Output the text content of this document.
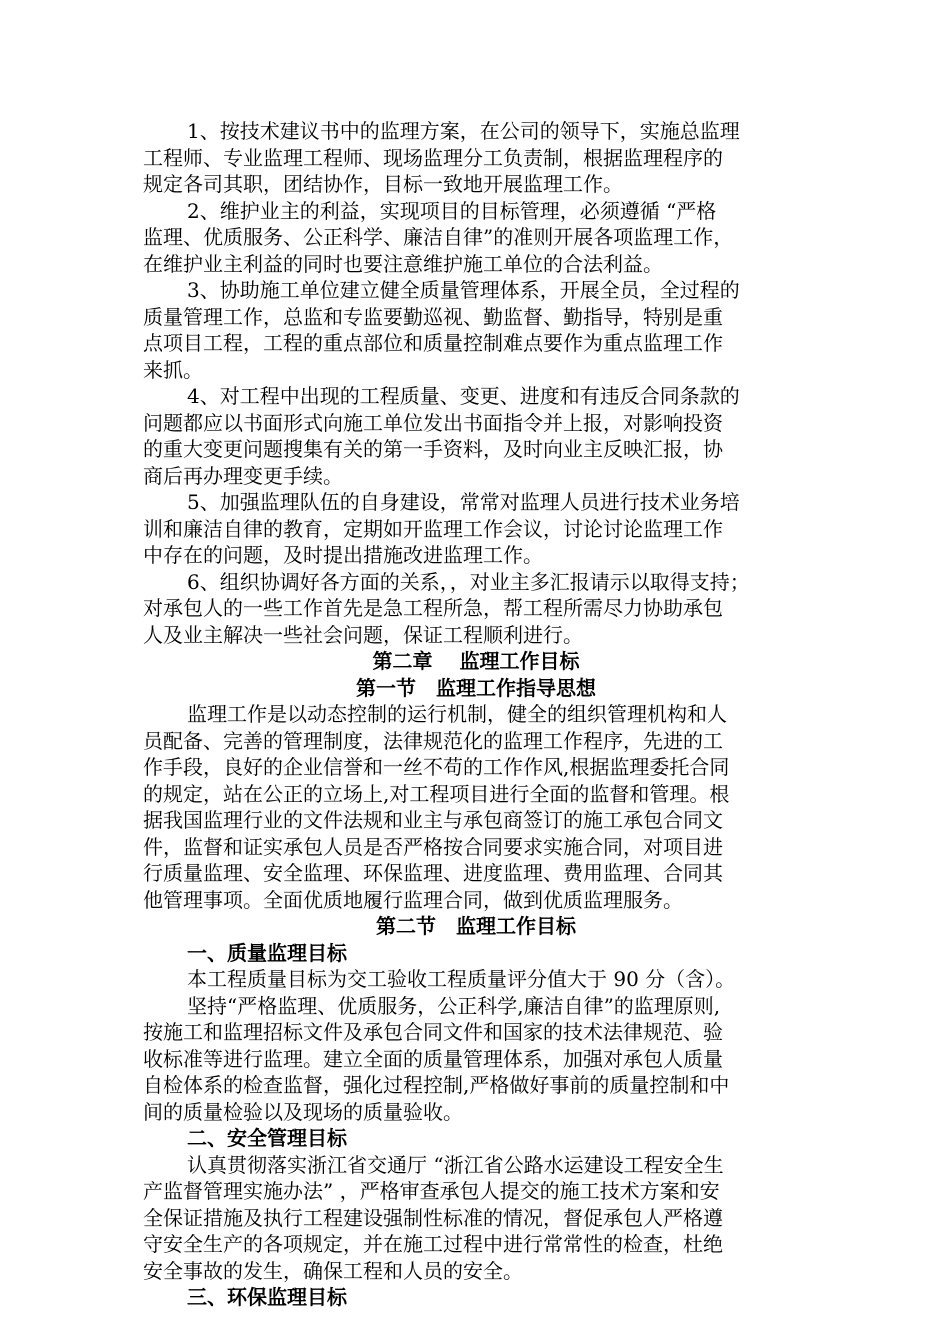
1、按技术建议书中的监理方案，在公司的领导下，实施总监理
工程师、专业监理工程师、现场监理分工负责制，根据监理程序的
规定各司其职，团结协作，目标一致地开展监理工作。
2、维护业主的利益，实现项目的目标管理，必须遵循 “严格
监理、优质服务、公正科学、廉洁自律”的准则开展各项监理工作，
在维护业主利益的同时也要注意维护施工单位的合法利益。
3、协助施工单位建立健全质量管理体系，开展全员，全过程的
质量管理工作，总监和专监要勤巡视、勤监督、勤指导，特别是重
点项目工程，工程的重点部位和质量控制难点要作为重点监理工作
来抓。
4、对工程中出现的工程质量、变更、进度和有违反合同条款的
问题都应以书面形式向施工单位发出书面指令并上报，对影响投资
的重大变更问题搜集有关的第一手资料，及时向业主反映汇报，协
商后再办理变更手续。
5、加强监理队伍的自身建设，常常对监理人员进行技术业务培
训和廉洁自律的教育，定期如开监理工作会议，讨论讨论监理工作
中存在的问题，及时提出措施改进监理工作。
6、组织协调好各方面的关系，，对业主多汇报请示以取得支持；
对承包人的一些工作首先是急工程所急，帮工程所需尽力协助承包
人及业主解决一些社会问题，保证工程顺利进行。
第二章　 监理工作目标
第一节　监理工作指导思想
监理工作是以动态控制的运行机制，健全的组织管理机构和人
员配备、完善的管理制度，法律规范化的监理工作程序，先进的工
作手段，良好的企业信誉和一丝不苟的工作作风,根据监理委托合同
的规定，站在公正的立场上,对工程项目进行全面的监督和管理。根
据我国监理行业的文件法规和业主与承包商签订的施工承包合同文
件，监督和证实承包人员是否严格按合同要求实施合同，对项目进
行质量监理、安全监理、环保监理、进度监理、费用监理、合同其
他管理事项。全面优质地履行监理合同，做到优质监理服务。
第二节　监理工作目标
一、质量监理目标
本工程质量目标为交工验收工程质量评分值大于 90 分（含）。
坚持“严格监理、优质服务，公正科学,廉洁自律”的监理原则,
按施工和监理招标文件及承包合同文件和国家的技术法律规范、验
收标准等进行监理。建立全面的质量管理体系，加强对承包人质量
自检体系的检查监督，强化过程控制,严格做好事前的质量控制和中
间的质量检验以及现场的质量验收。
二、安全管理目标
认真贯彻落实浙江省交通厅 “浙江省公路水运建设工程安全生
产监督管理实施办法” ，严格审查承包人提交的施工技术方案和安
全保证措施及执行工程建设强制性标准的情况，督促承包人严格遵
守安全生产的各项规定，并在施工过程中进行常常性的检查，杜绝
安全事故的发生，确保工程和人员的安全。
三、环保监理目标
